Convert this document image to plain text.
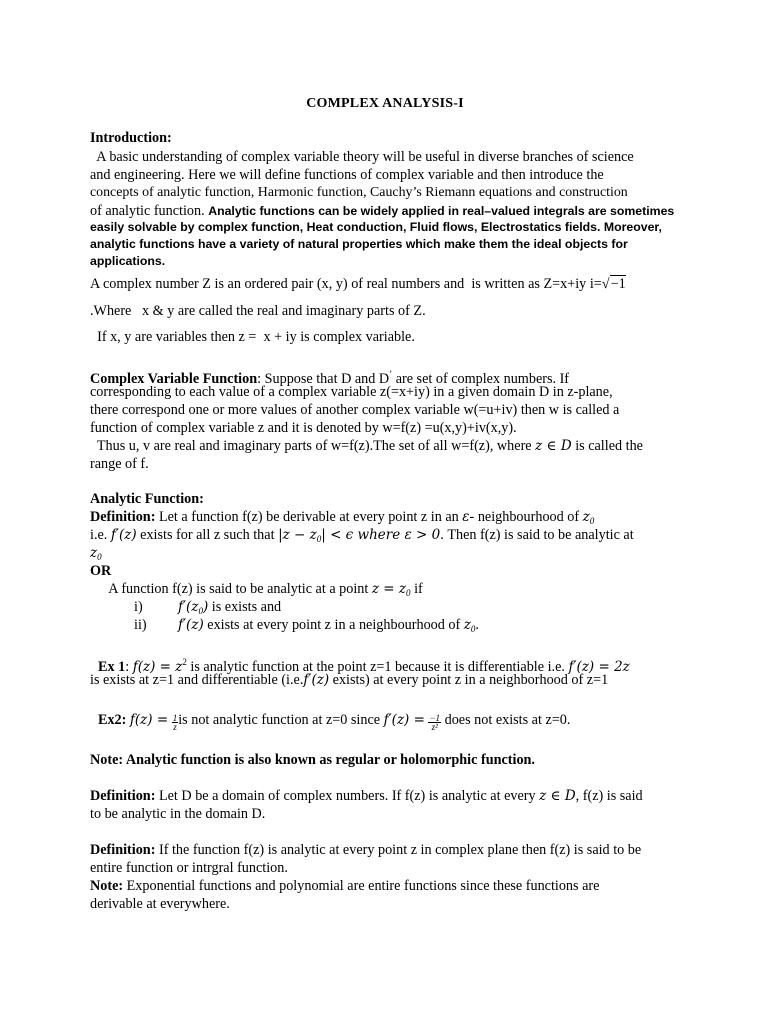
COMPLEX ANALYSIS-I
Introduction:
A basic understanding of complex variable theory will be useful in diverse branches of science
and engineering. Here we will define functions of complex variable and then introduce the
concepts of analytic function, Harmonic function, Cauchy’s Riemann equations and construction
of analytic function. Analytic functions can be widely applied in real–valued integrals are sometimes
easily solvable by complex function, Heat conduction, Fluid flows, Electrostatics fields. Moreover,
analytic functions have a variety of natural properties which make them the ideal objects for
applications.
A complex number Z is an ordered pair (x, y) of real numbers and  is written as Z=x+iy i=√−1
.Where   x & y are called the real and imaginary parts of Z.
If x, y are variables then z =  x + iy is complex variable.
Complex Variable Function: Suppose that D and D’ are set of complex numbers. If
corresponding to each value of a complex variable z(=x+iy) in a given domain D in z-plane,
there correspond one or more values of another complex variable w(=u+iv) then w is called a
function of complex variable z and it is denoted by w=f(z) =u(x,y)+iv(x,y).
Thus u, v are real and imaginary parts of w=f(z).The set of all w=f(z), where z ∈ D is called the
range of f.
Analytic Function:
Definition: Let a function f(z) be derivable at every point z in an ε- neighbourhood of $z_0$
i.e. f′(z) exists for all z such that $|z - z_0| < \epsilon$ where ε > 0. Then f(z) is said to be analytic at
$z_0$
OR
A function f(z) is said to be analytic at a point $z = z_0$ if
i)	$f'(z_0)$ is exists and
ii) f′(z) exists at every point z in a neighbourhood of $z_0$.
Ex 1: $f(z) = z^2$ is analytic function at the point z=1 because it is differentiable i.e. f′(z) = 2z
is exists at z=1 and differentiable (i.e.f′(z) exists) at every point z in a neighborhood of z=1
Ex2: $f(z) = \frac{1}{z}$ is not analytic function at z=0 since $f'(z) = \frac{-1}{\text{z²}}$ does not exists at z=0.
Note: Analytic function is also known as regular or holomorphic function.
Definition: Let D be a domain of complex numbers. If f(z) is analytic at every z ∈ D, f(z) is said
to be analytic in the domain D.
Definition: If the function f(z) is analytic at every point z in complex plane then f(z) is said to be
entire function or intrgral function.
Note: Exponential functions and polynomial are entire functions since these functions are
derivable at everywhere.
